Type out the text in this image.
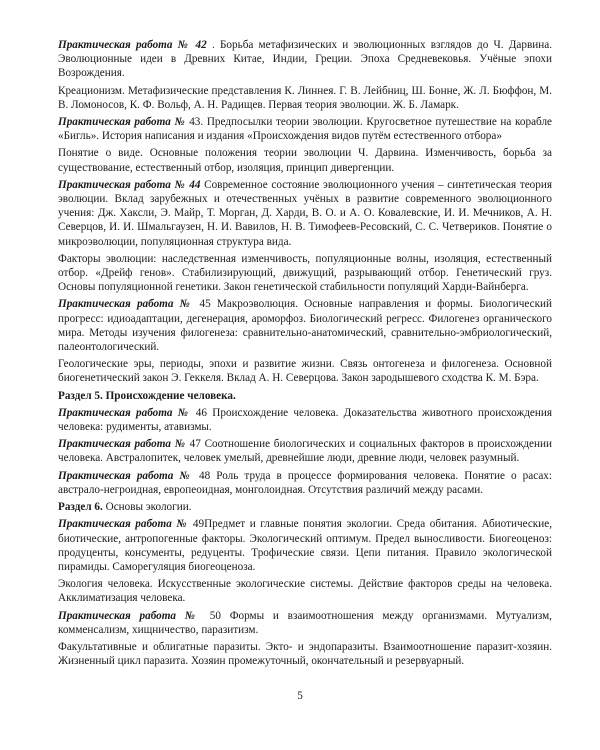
Практическая работа № 42 . Борьба метафизических и эволюционных взглядов до Ч. Дарвина. Эволюционные идеи в Древних Китае, Индии, Греции. Эпоха Средневековья. Учёные эпохи Возрождения.

Креационизм. Метафизические представления К. Линнея. Г. В. Лейбниц, Ш. Бонне, Ж. Л. Бюффон, М. В. Ломоносов, К. Ф. Вольф, А. Н. Радищев. Первая теория эволюции. Ж. Б. Ламарк.

Практическая работа № 43. Предпосылки теории эволюции. Кругосветное путешествие на корабле «Бигль». История написания и издания «Происхождения видов путём естественного отбора»

Понятие о виде. Основные положения теории эволюции Ч. Дарвина. Изменчивость, борьба за существование, естественный отбор, изоляция, принцип дивергенции.

Практическая работа № 44 Современное состояние эволюционного учения – синтетическая теория эволюции. Вклад зарубежных и отечественных учёных в развитие современного эволюционного учения: Дж. Хаксли, Э. Майр, Т. Морган, Д. Харди, В. О. и А. О. Ковалевские, И. И. Мечников, А. Н. Северцов, И. И. Шмальгаузен, Н. И. Вавилов, Н. В. Тимофеев-Ресовский, С. С. Четвериков. Понятие о микроэволюции, популяционная структура вида.

Факторы эволюции: наследственная изменчивость, популяционные волны, изоляция, естественный отбор. «Дрейф генов». Стабилизирующий, движущий, разрывающий отбор. Генетический груз. Основы популяционной генетики. Закон генетической стабильности популяций Харди-Вайнберга.

Практическая работа № 45 Макроэволюция. Основные направления и формы. Биологический прогресс: идиоадаптации, дегенерация, ароморфоз. Биологический регресс. Филогенез органического мира. Методы изучения филогенеза: сравнительно-анатомический, сравнительно-эмбриологический, палеонтологический.

Геологические эры, периоды, эпохи и развитие жизни. Связь онтогенеза и филогенеза. Основной биогенетический закон Э. Геккеля. Вклад А. Н. Северцова. Закон зародышевого сходства К. М. Бэра.

Раздел 5. Происхождение человека.

Практическая работа № 46 Происхождение человека. Доказательства животного происхождения человека: рудименты, атавизмы.

Практическая работа № 47 Соотношение биологических и социальных факторов в происхождении человека. Австралопитек, человек умелый, древнейшие люди, древние люди, человек разумный.

Практическая работа № 48 Роль труда в процессе формирования человека. Понятие о расах: австрало-негроидная, европеоидная, монголоидная. Отсутствия различий между расами.

Раздел 6. Основы экологии.

Практическая работа № 49Предмет и главные понятия экологии. Среда обитания. Абиотические, биотические, антропогенные факторы. Экологический оптимум. Предел выносливости. Биогеоценоз: продуценты, консументы, редуценты. Трофические связи. Цепи питания. Правило экологической пирамиды. Саморегуляция биогеоценоза.

Экология человека. Искусственные экологические системы. Действие факторов среды на человека. Акклиматизация человека.

Практическая работа № 50 Формы и взаимоотношения между организмами. Мутуализм, комменсализм, хищничество, паразитизм.

Факультативные и облигатные паразиты. Экто- и эндопаразиты. Взаимоотношение паразит-хозяин. Жизненный цикл паразита. Хозяин промежуточный, окончательный и резервуарный.

5
